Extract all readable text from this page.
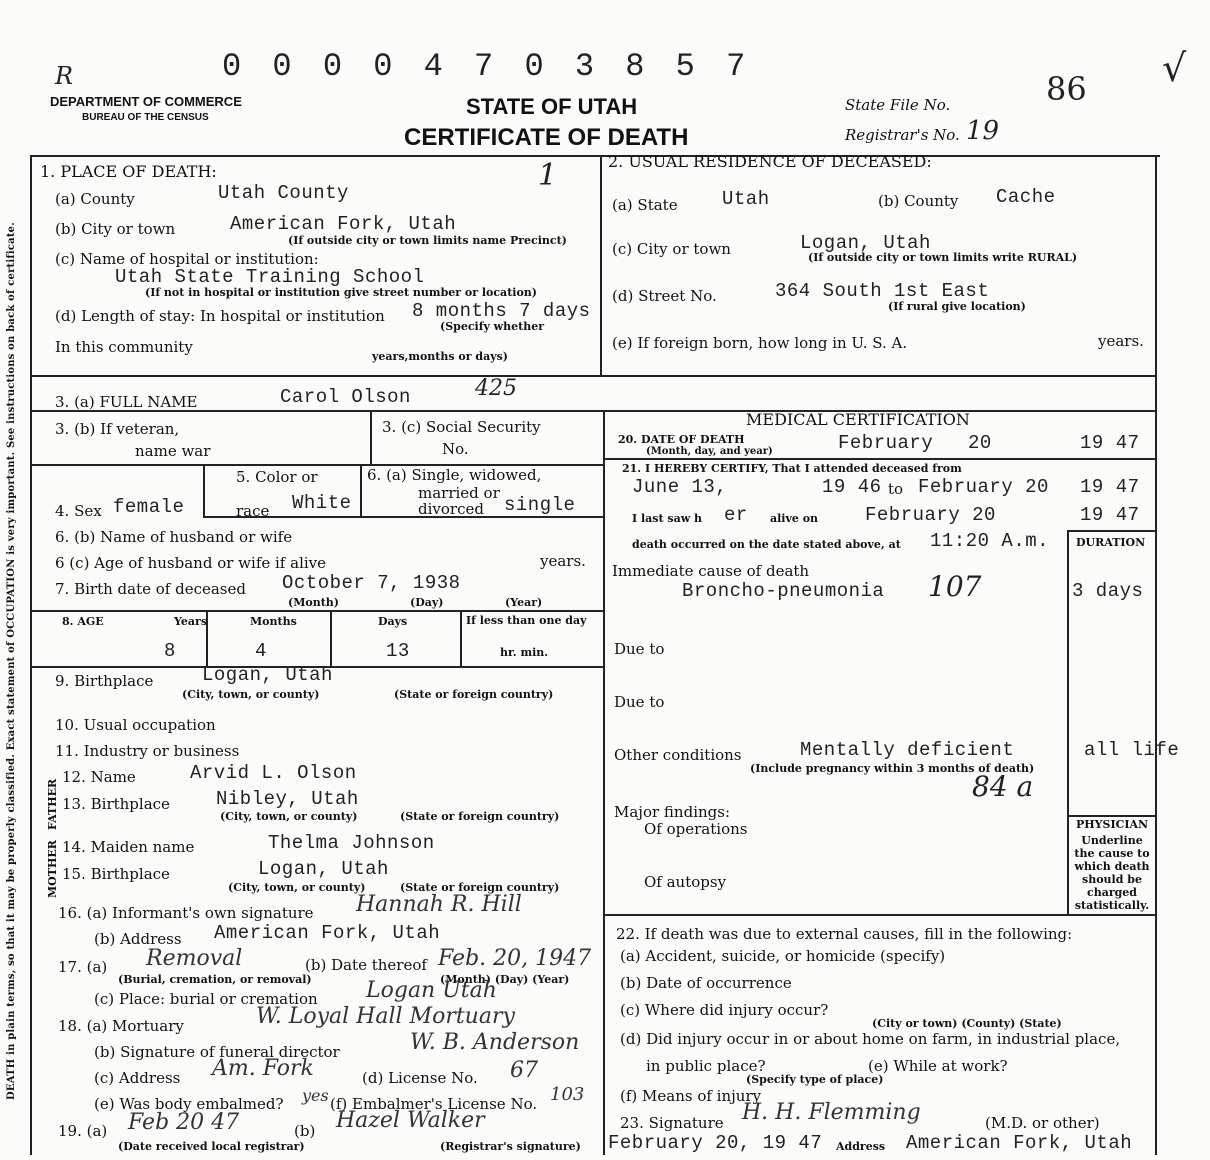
0 0 0 0 4 7 0 3 8 5 7
R	√
DEPARTMENT OF COMMERCE
BUREAU OF THE CENSUS	STATE OF UTAH
CERTIFICATE OF DEATH
State File No.	86
Registrar's No. 19
DEATH in plain terms, so that it may be properly classified. Exact statement of OCCUPATION is very important. See instructions on back of certificate.
1. PLACE OF DEATH:	1
(a) County	Utah County
(b) City or town	American Fork, Utah
(If outside city or town limits name Precinct)
(c) Name of hospital or institution:
Utah State Training School
(If not in hospital or institution give street number or location)
(d) Length of stay: In hospital or institution 8 months 7 days
(Specify whether
In this community
years,months or days)
2. USUAL RESIDENCE OF DECEASED:
(a) State Utah	(b) County Cache
(c) City or town	Logan, Utah
(If outside city or town limits write RURAL)
(d) Street No.	364 South 1st East
(If rural give location)
(e) If foreign born, how long in U. S. A.	years.
3. (a) FULL NAME	Carol Olson	425
3. (b) If veteran,
name war
3. (c) Social Security
No.
4. Sex female
5. Color or
race White
6. (a) Single, widowed,
married or
divorced single
6. (b) Name of husband or wife
6 (c) Age of husband or wife if alive	years.
7. Birth date of deceased October 7, 1938
(Month)	(Day)	(Year)
8. AGE	Years	Months	Days	If less than one day
8	4	13	hr. min.
9. Birthplace	Logan, Utah
(City, town, or county)	(State or foreign country)
10. Usual occupation
11. Industry or business
FATHER
12. Name	Arvid L. Olson
13. Birthplace Nibley, Utah
(City, town, or county)	(State or foreign country)
MOTHER 14. Maiden name	Thelma Johnson
15. Birthplace	Logan, Utah
(City, town, or county)	(State or foreign country)
16. (a) Informant's own signature Hannah R. Hill
(b) Address American Fork, Utah
17. (a) Removal
(Burial, cremation, or removal)
(b) Date thereof Feb. 20, 1947
(Month) (Day) (Year)
(c) Place: burial or cremation Logan Utah
18. (a) Mortuary	W. Loyal Hall Mortuary
(b) Signature of funeral director	W. B. Anderson
(c) Address Am. Fork	(d) License No. 67
(e) Was body embalmed? yes (f) Embalmer's License No. 103
19. (a) Feb 20 47
(Date received local registrar)
(b) Hazel Walker
(Registrar's signature)
MEDICAL CERTIFICATION
20. DATE OF DEATH
(Month, day, and year)	February 20	19 47
21. I HEREBY CERTIFY, That I attended deceased from
June 13,	19 46 to February 20 19 47
I last saw h er alive on February 20	19 47
death occurred on the date stated above, at 11:20 A.m. DURATION
Immediate cause of death
Broncho-pneumonia 107	3 days
Due to
Due to
Other conditions	Mentally deficient	all life
(Include pregnancy within 3 months of death)
84 a
Major findings:
Of operations
Of autopsy
PHYSICIAN
Underline the cause to which death should be charged statistically.
22. If death was due to external causes, fill in the following:
(a) Accident, suicide, or homicide (specify)
(b) Date of occurrence
(c) Where did injury occur?
(City or town) (County) (State)
(d) Did injury occur in or about home on farm, in industrial place,
in public place?
(Specify type of place)
(e) While at work?
(f) Means of injury
23. Signature H. H. Flemming	(M.D. or other)
February 20, 19 47 Address American Fork, Utah
